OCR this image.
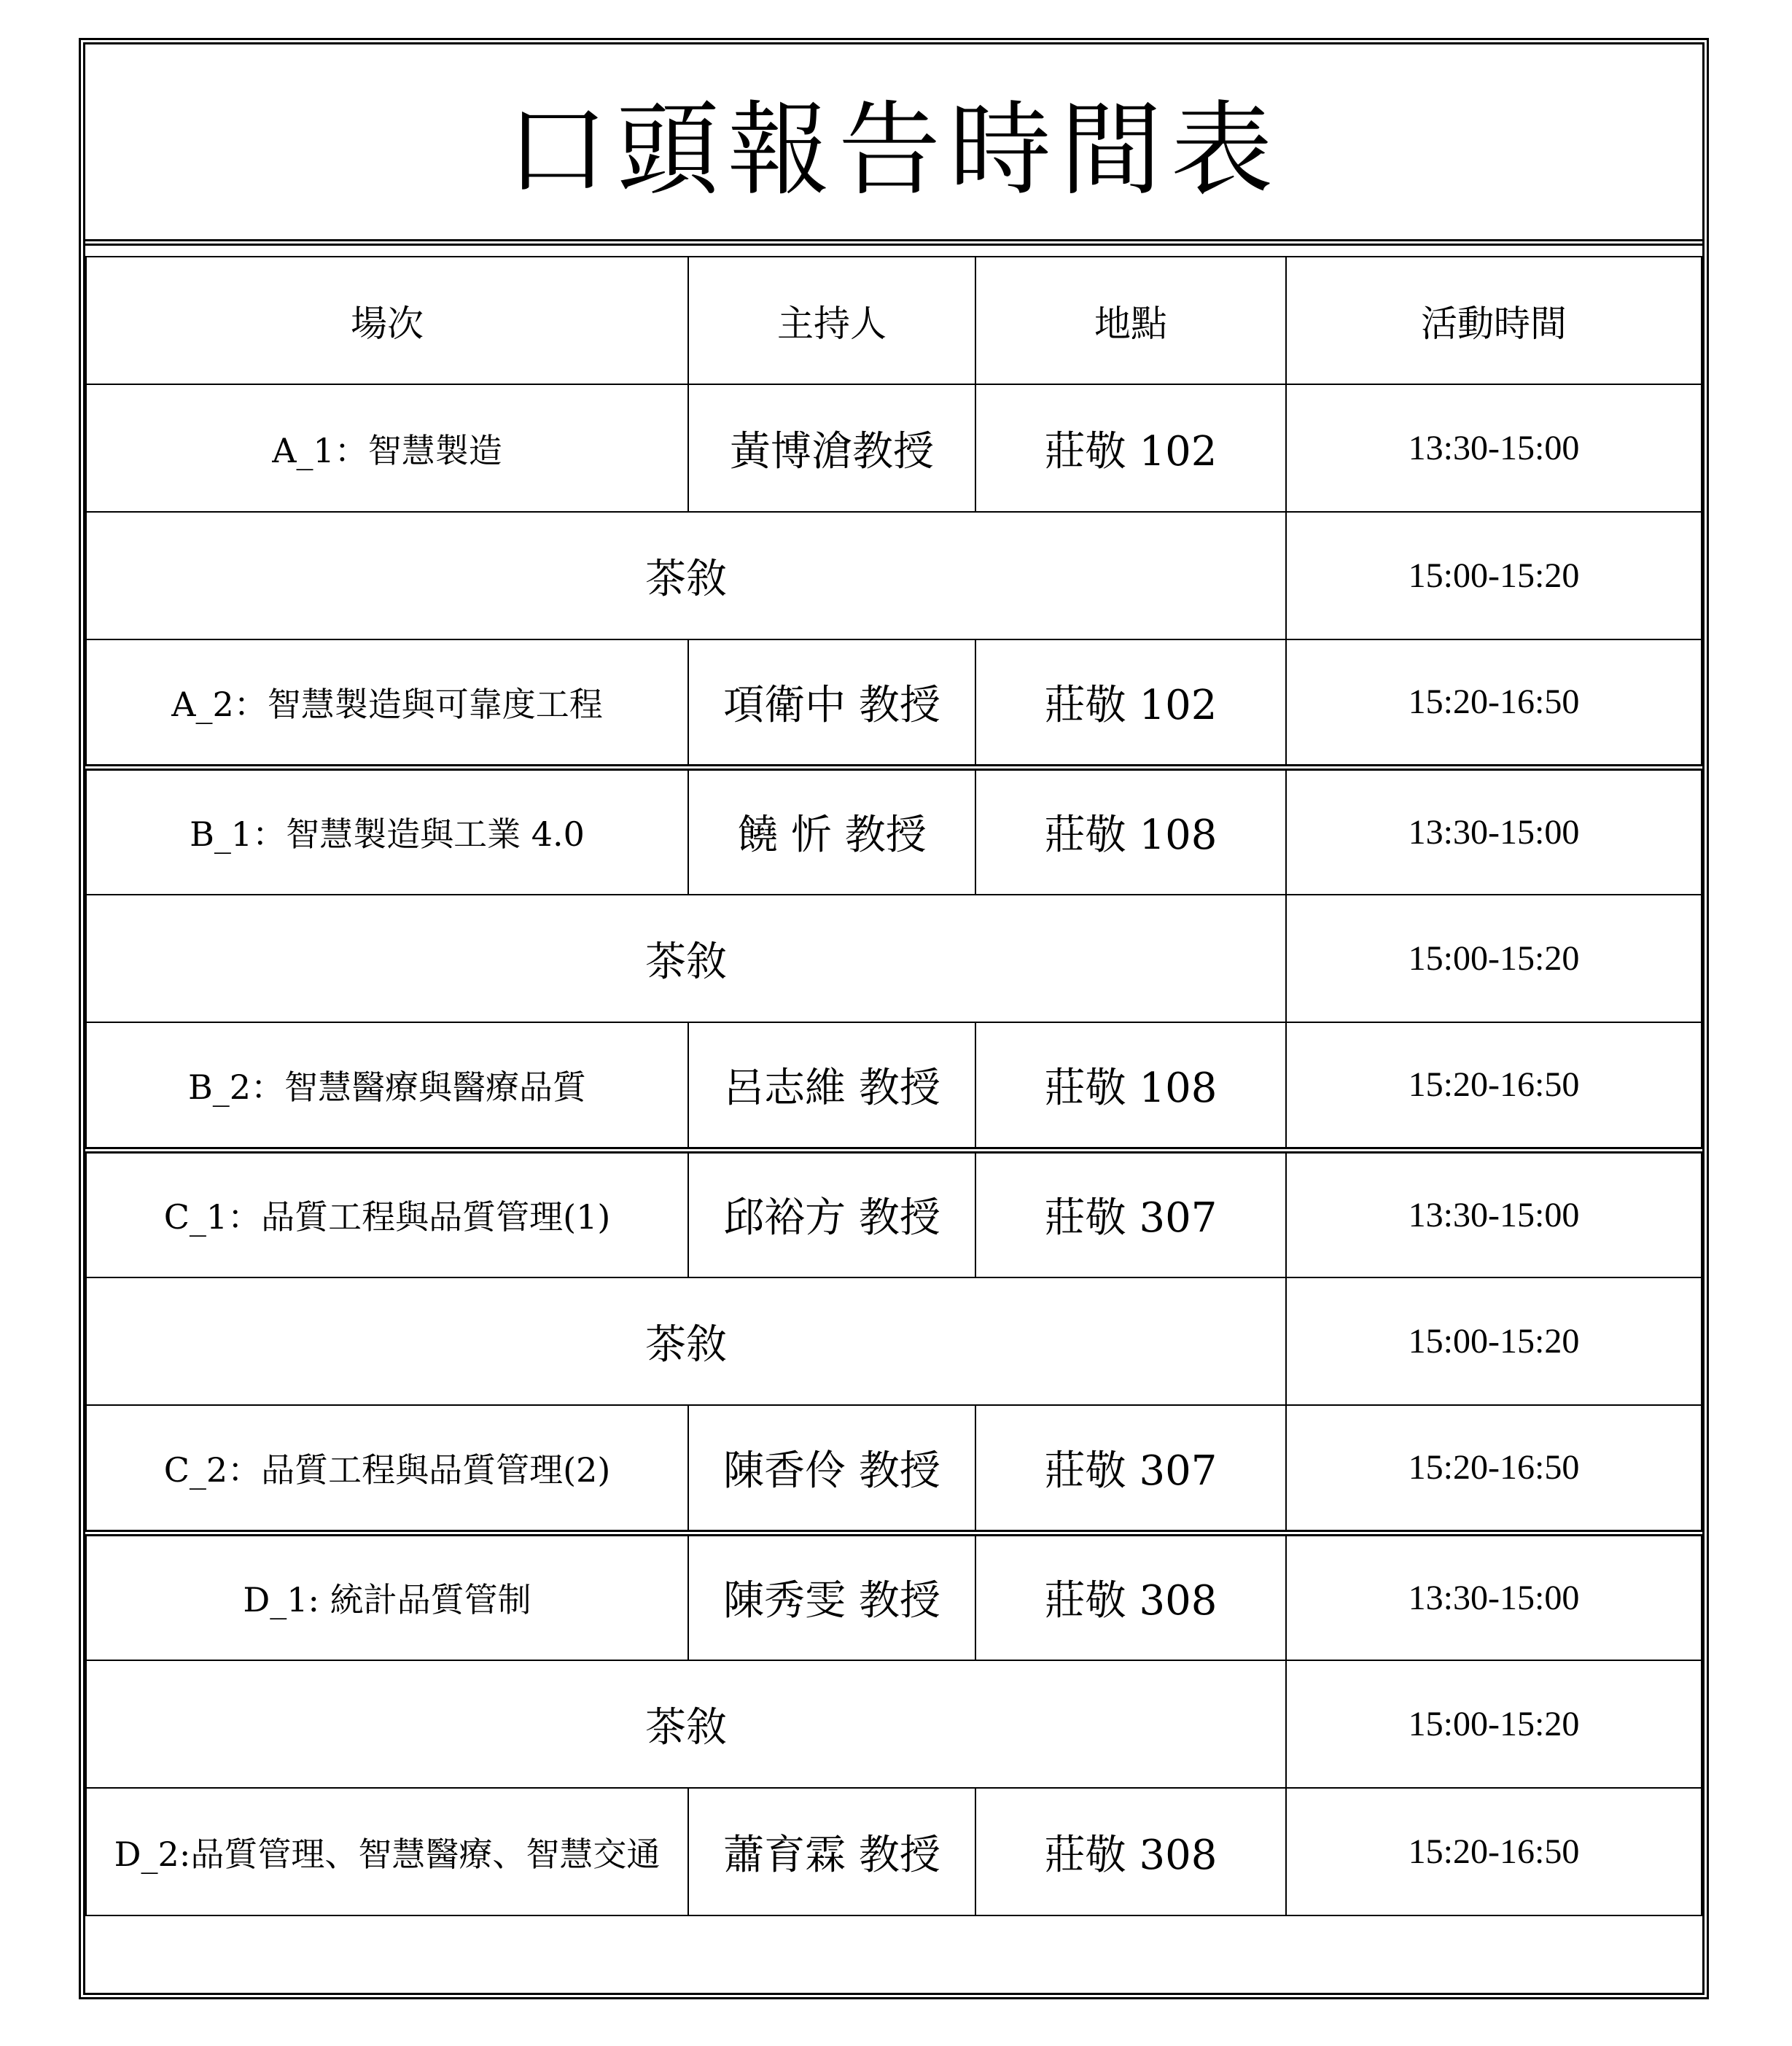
口頭報告時間表
場次	主持人	地點	活動時間
A_1：智慧製造	黃博滄教授	莊敬 102	13:30-15:00
茶敘			15:00-15:20
A_2：智慧製造與可靠度工程	項衛中 教授	莊敬 102	15:20-16:50
B_1：智慧製造與工業 4.0	饒 忻 教授	莊敬 108	13:30-15:00
茶敘			15:00-15:20
B_2：智慧醫療與醫療品質	呂志維 教授	莊敬 108	15:20-16:50
C_1：品質工程與品質管理(1)	邱裕方 教授	莊敬 307	13:30-15:00
茶敘			15:00-15:20
C_2：品質工程與品質管理(2)	陳香伶 教授	莊敬 307	15:20-16:50
D_1: 統計品質管制	陳秀雯 教授	莊敬 308	13:30-15:00
茶敘			15:00-15:20
D_2:品質管理、智慧醫療、智慧交通	蕭育霖 教授	莊敬 308	15:20-16:50
